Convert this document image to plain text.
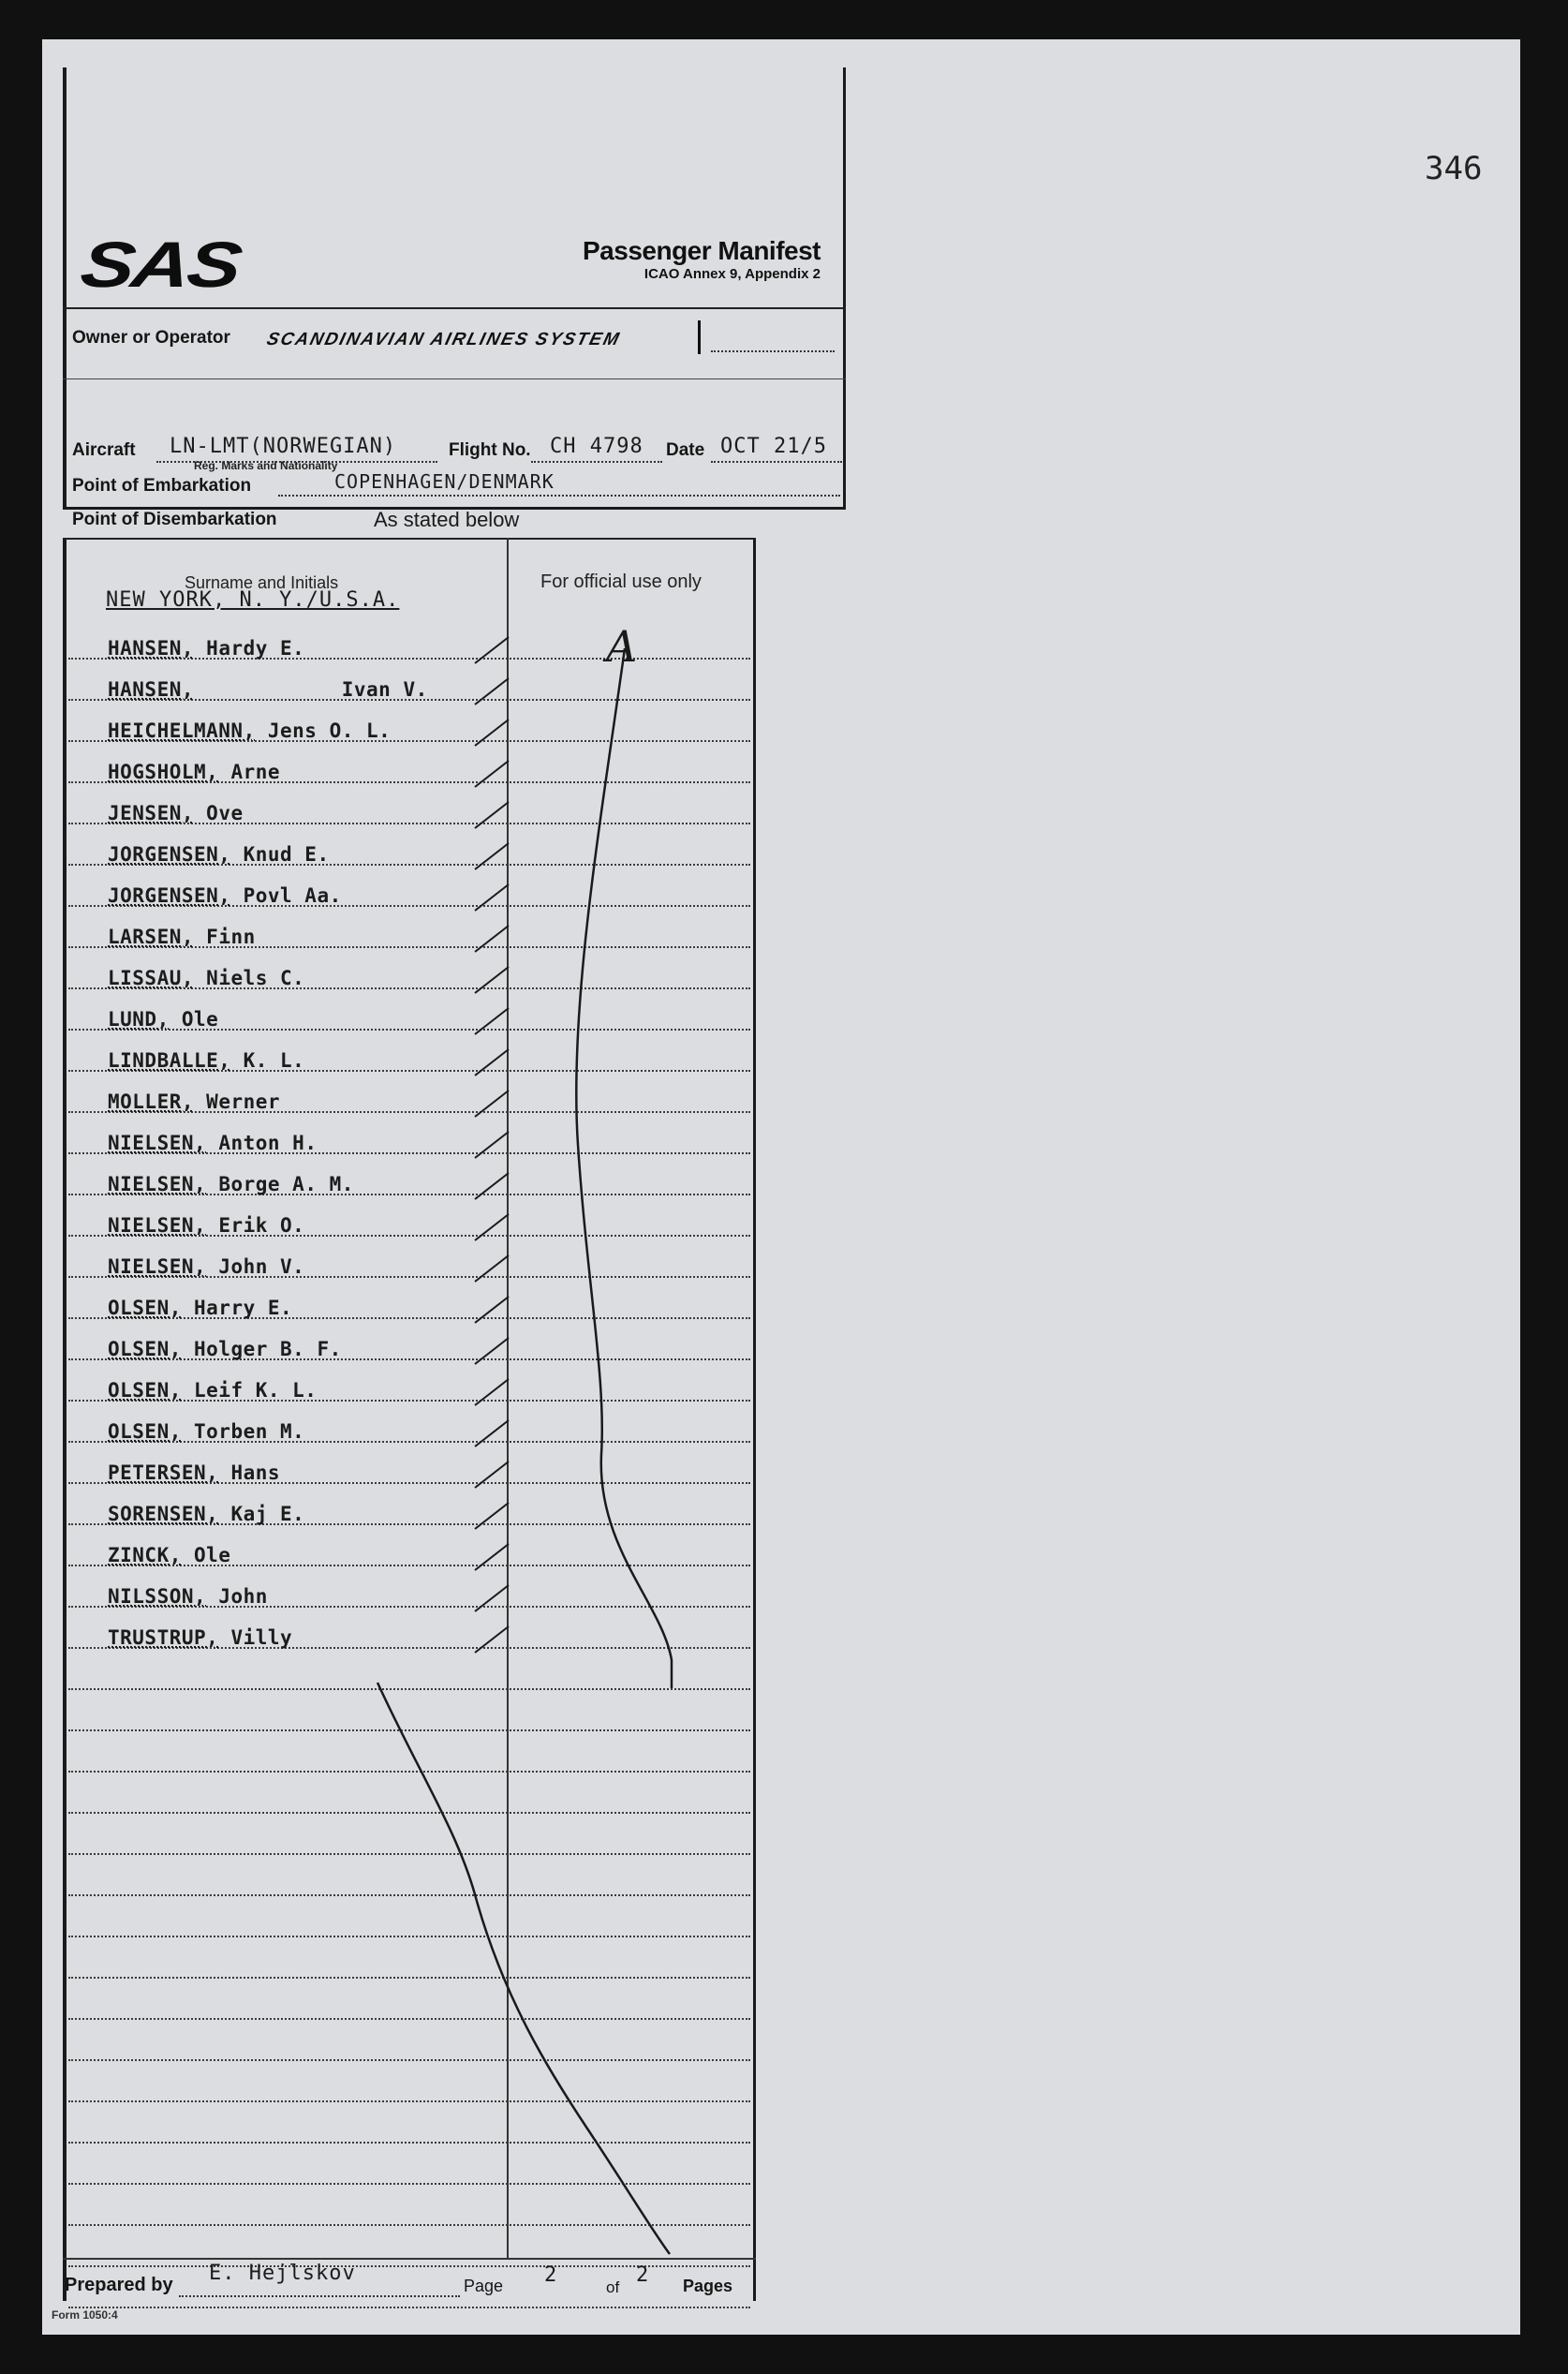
346
SAS	Passenger Manifest
ICAO Annex 9, Appendix 2
Owner or Operator SCANDINAVIAN AIRLINES SYSTEM
Aircraft LN-LMT(NORWEGIAN)
Reg. Marks and Nationality
Flight No. CH 4798 Date OCT 21/5
Point of Embarkation	COPENHAGEN/DENMARK
Point of Disembarkation	As stated below
Surname and Initials	For official use only
NEW YORK, N. Y./U.S.A.
HANSEN, Hardy E.
HANSEN,	Ivan V.
HEICHELMANN, Jens O. L.
HOGSHOLM, Arne
JENSEN, Ove
JORGENSEN, Knud E.
JORGENSEN, Povl Aa.
LARSEN, Finn
LISSAU, Niels C.
LUND, Ole
LINDBALLE, K. L.
MOLLER, Werner
NIELSEN, Anton H.
NIELSEN, Borge A. M.
NIELSEN, Erik O.
NIELSEN, John V.
OLSEN, Harry E.
OLSEN, Holger B. F.
OLSEN, Leif K. L.
OLSEN, Torben M.
PETERSEN, Hans
SORENSEN, Kaj E.
ZINCK, Ole
NILSSON, John
TRUSTRUP, Villy
Prepared by E. Hejlskov
Page 2
of
2 Pages
Form 1050:4
A
